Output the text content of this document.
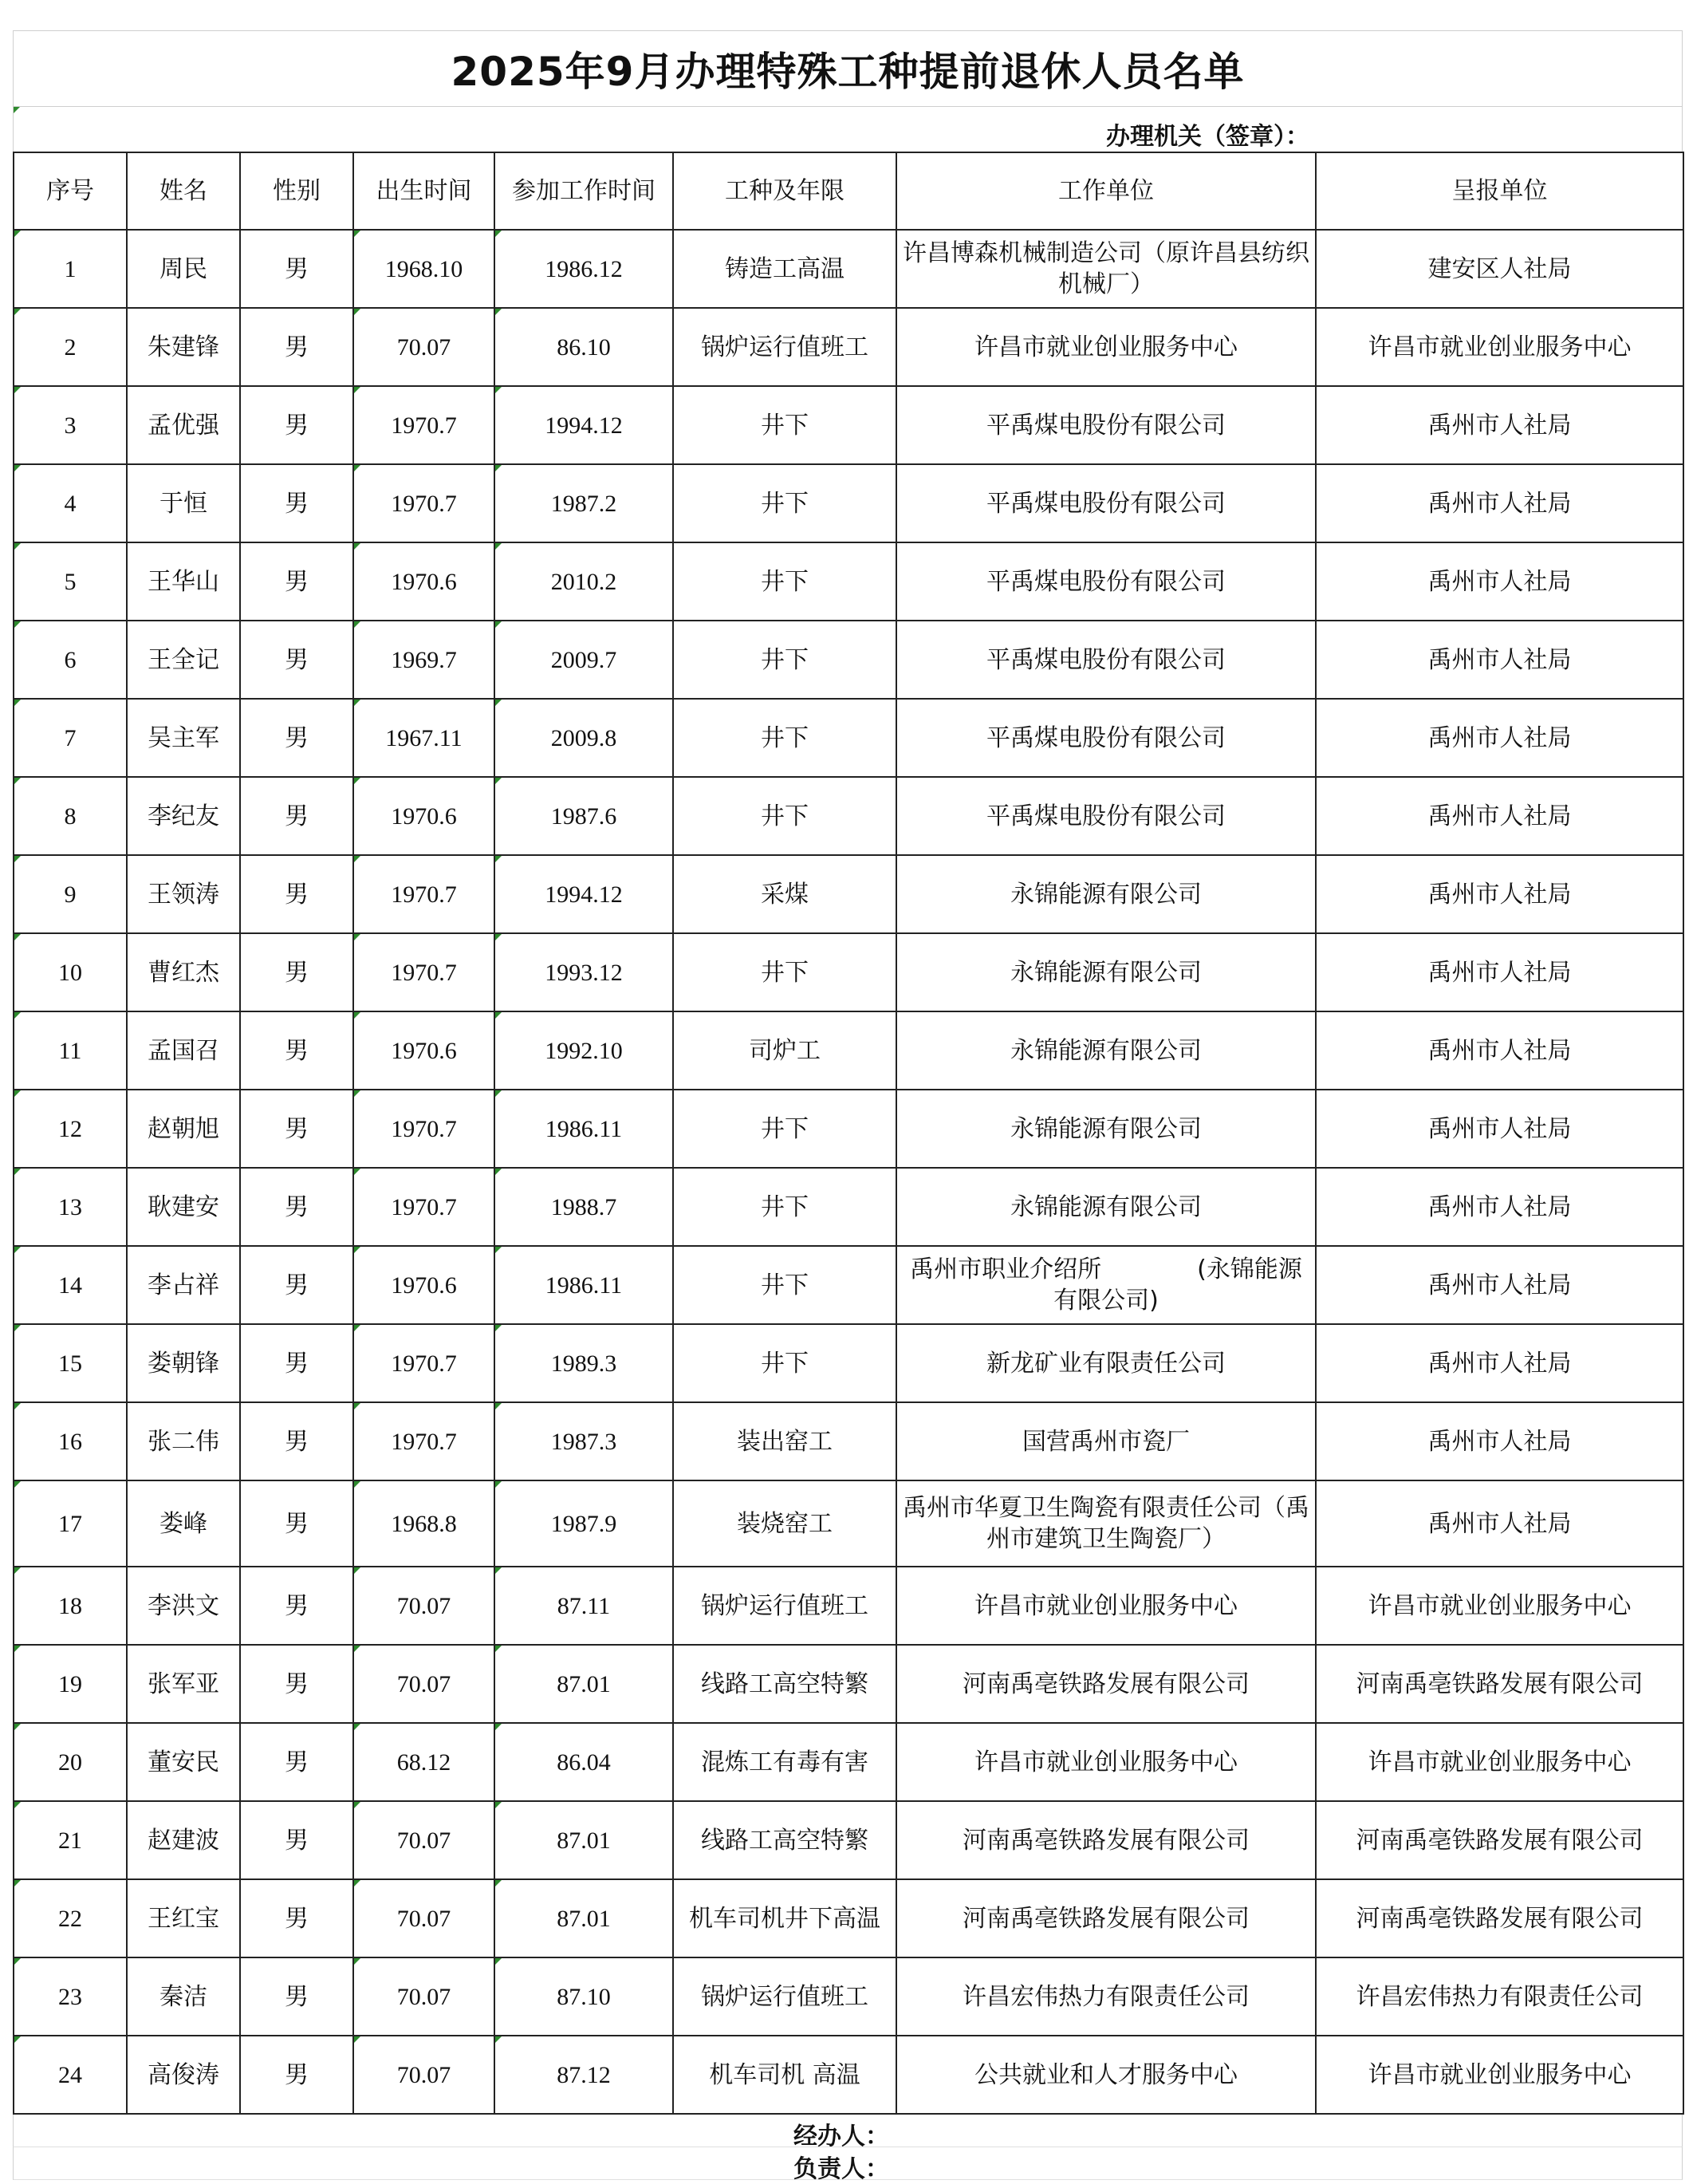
2025年9月办理特殊工种提前退休人员名单
办理机关（签章）：
序号	姓名	性别	出生时间	参加工作时间	工种及年限	工作单位	呈报单位
1	周民	男	1968.10	1986.12	铸造工高温	许昌博森机械制造公司（原许昌县纺织机械厂）	建安区人社局
2	朱建锋	男	70.07	86.10	锅炉运行值班工	许昌市就业创业服务中心	许昌市就业创业服务中心
3	孟优强	男	1970.7	1994.12	井下	平禹煤电股份有限公司	禹州市人社局
4	于恒	男	1970.7	1987.2	井下	平禹煤电股份有限公司	禹州市人社局
5	王华山	男	1970.6	2010.2	井下	平禹煤电股份有限公司	禹州市人社局
6	王全记	男	1969.7	2009.7	井下	平禹煤电股份有限公司	禹州市人社局
7	吴主军	男	1967.11	2009.8	井下	平禹煤电股份有限公司	禹州市人社局
8	李纪友	男	1970.6	1987.6	井下	平禹煤电股份有限公司	禹州市人社局
9	王领涛	男	1970.7	1994.12	采煤	永锦能源有限公司	禹州市人社局
10	曹红杰	男	1970.7	1993.12	井下	永锦能源有限公司	禹州市人社局
11	孟国召	男	1970.6	1992.10	司炉工	永锦能源有限公司	禹州市人社局
12	赵朝旭	男	1970.7	1986.11	井下	永锦能源有限公司	禹州市人社局
13	耿建安	男	1970.7	1988.7	井下	永锦能源有限公司	禹州市人社局
14	李占祥	男	1970.6	1986.11	井下	禹州市职业介绍所　　　　(永锦能源有限公司)	禹州市人社局
15	娄朝锋	男	1970.7	1989.3	井下	新龙矿业有限责任公司	禹州市人社局
16	张二伟	男	1970.7	1987.3	装出窑工	国营禹州市瓷厂	禹州市人社局
17	娄峰	男	1968.8	1987.9	装烧窑工	禹州市华夏卫生陶瓷有限责任公司（禹州市建筑卫生陶瓷厂）	禹州市人社局
18	李洪文	男	70.07	87.11	锅炉运行值班工	许昌市就业创业服务中心	许昌市就业创业服务中心
19	张军亚	男	70.07	87.01	线路工高空特繁	河南禹亳铁路发展有限公司	河南禹亳铁路发展有限公司
20	董安民	男	68.12	86.04	混炼工有毒有害	许昌市就业创业服务中心	许昌市就业创业服务中心
21	赵建波	男	70.07	87.01	线路工高空特繁	河南禹亳铁路发展有限公司	河南禹亳铁路发展有限公司
22	王红宝	男	70.07	87.01	机车司机井下高温	河南禹亳铁路发展有限公司	河南禹亳铁路发展有限公司
23	秦洁	男	70.07	87.10	锅炉运行值班工	许昌宏伟热力有限责任公司	许昌宏伟热力有限责任公司
24	高俊涛	男	70.07	87.12	机车司机 高温	公共就业和人才服务中心	许昌市就业创业服务中心
经办人：
负责人：
